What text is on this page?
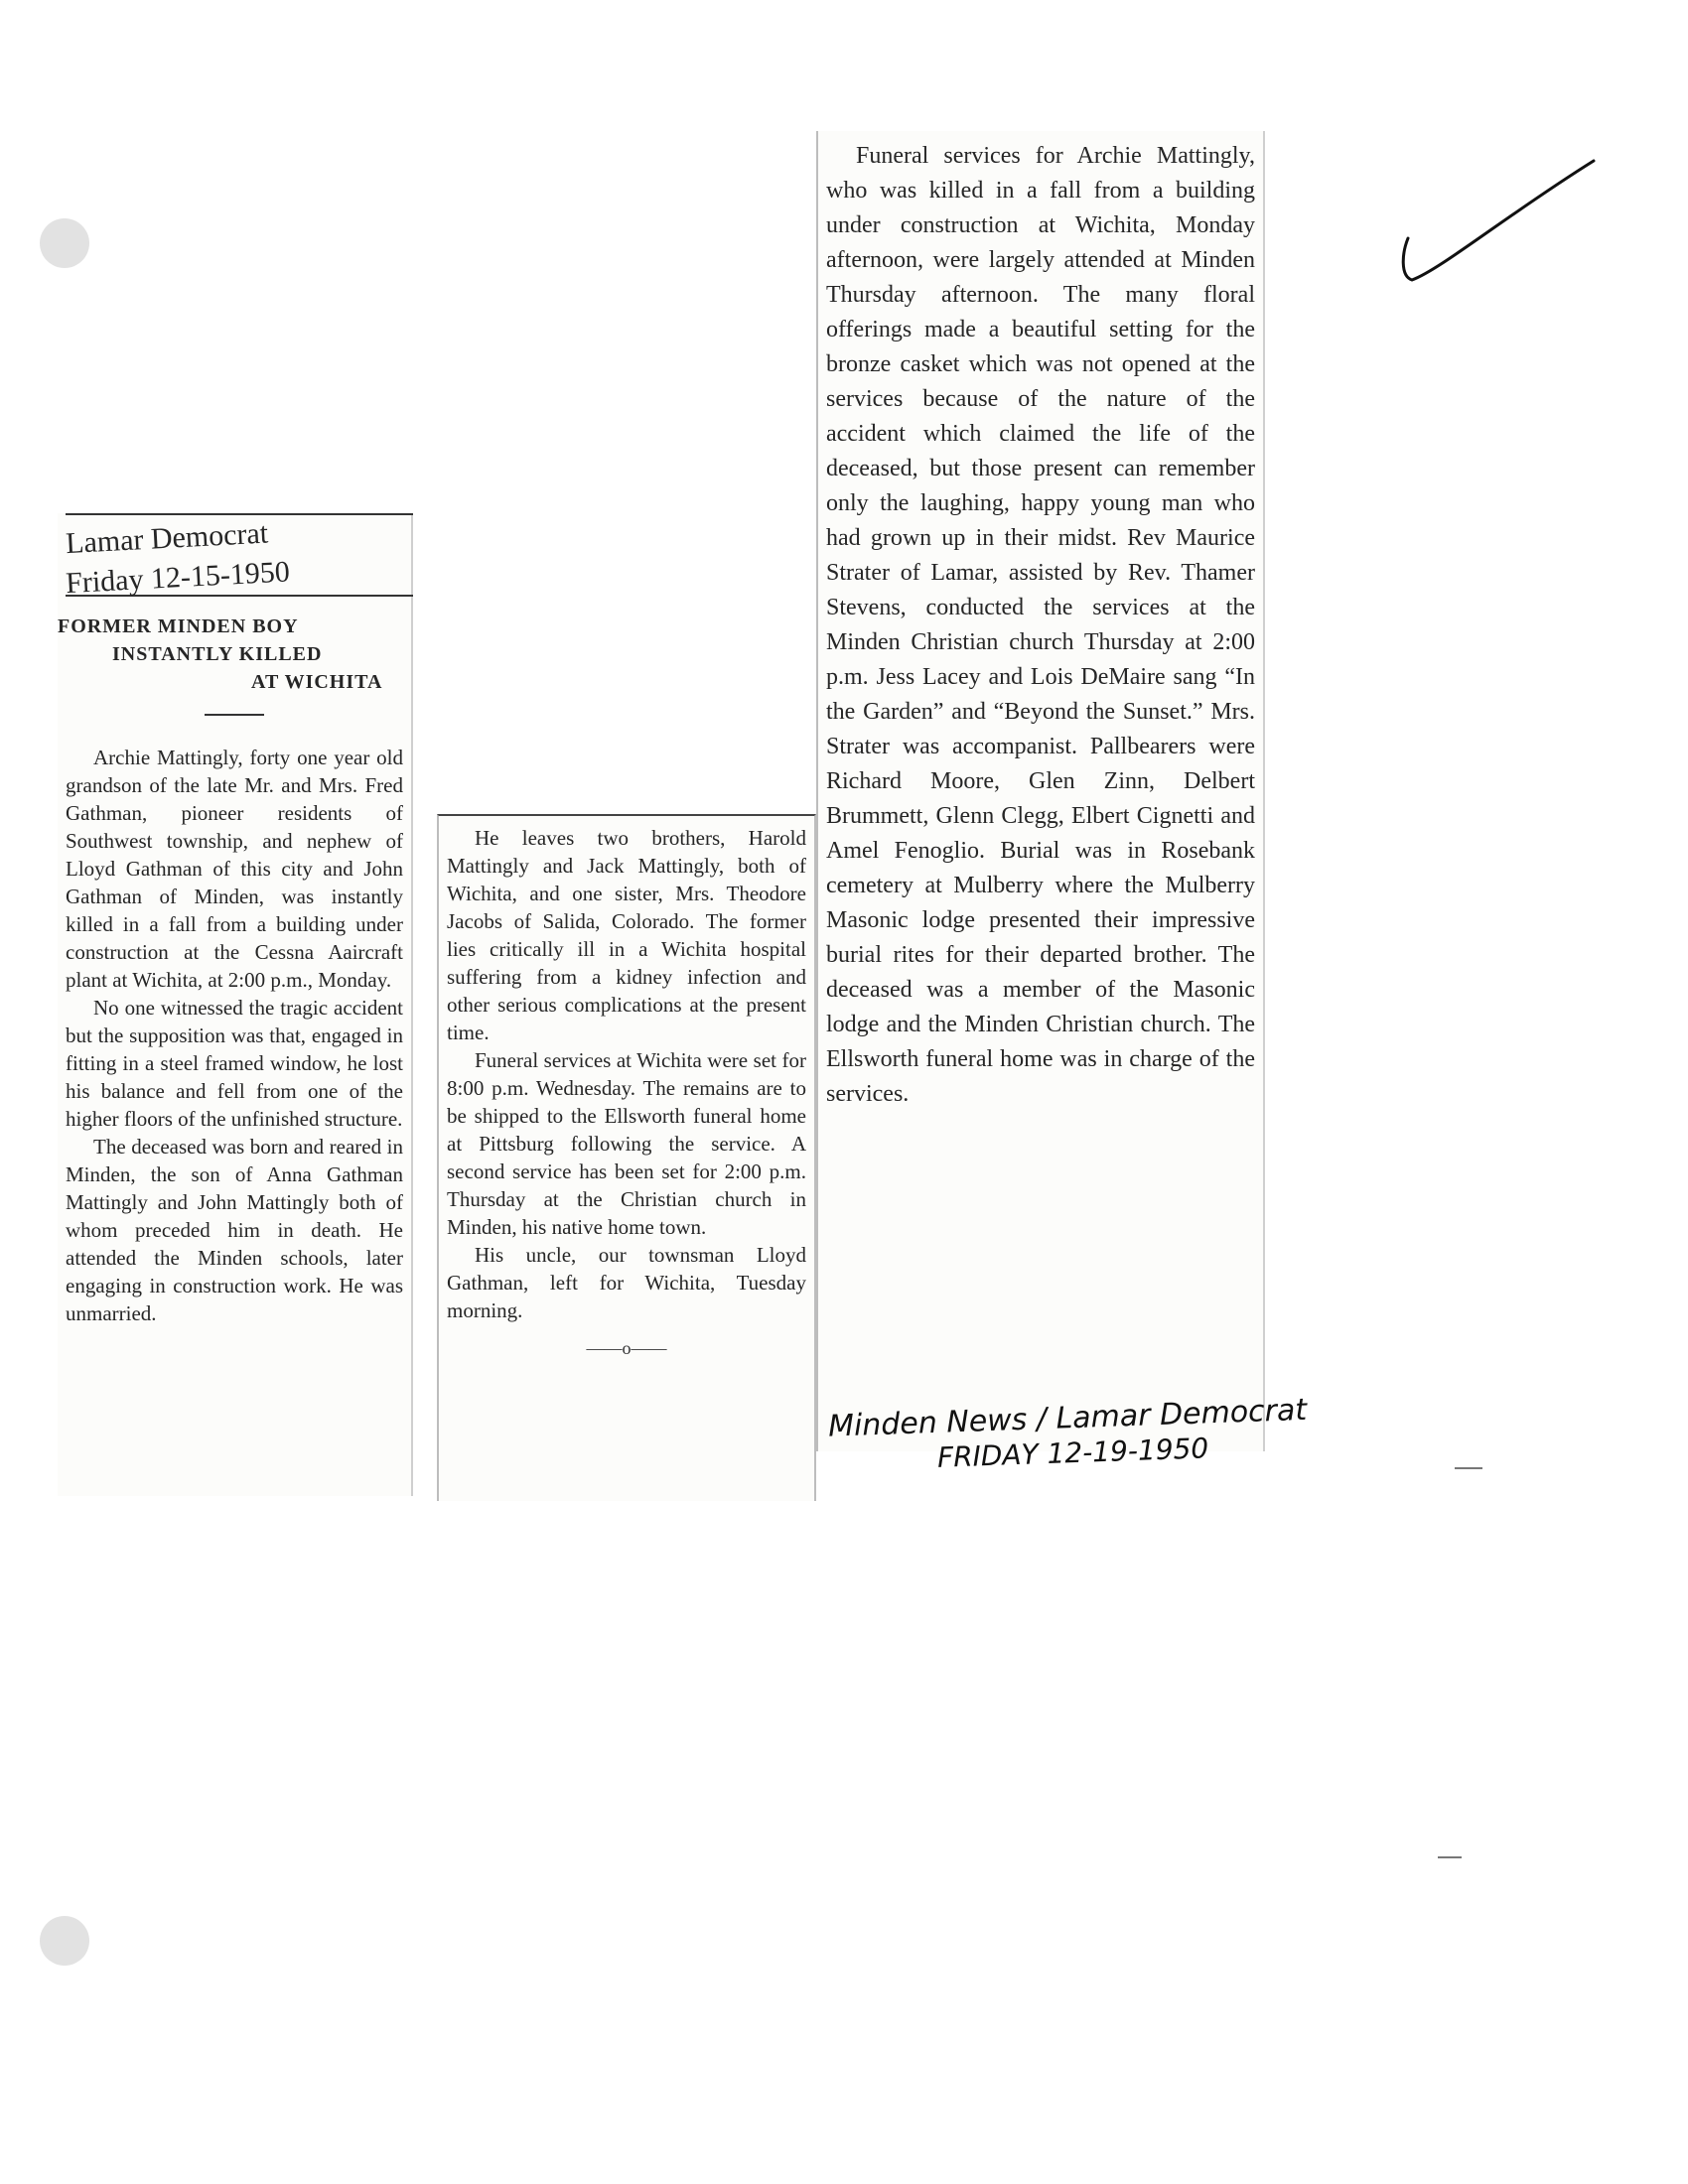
Lamar Democrat
Friday 12-15-1950
FORMER MINDEN BOY
INSTANTLY KILLED
AT WICHITA

Archie Mattingly, forty one year old grandson of the late Mr. and Mrs. Fred Gathman, pioneer residents of Southwest township, and nephew of Lloyd Gathman of this city and John Gathman of Minden, was instantly killed in a fall from a building under construction at the Cessna Aaircraft plant at Wichita, at 2:00 p.m., Monday.

No one witnessed the tragic accident but the supposition was that, engaged in fitting in a steel framed window, he lost his balance and fell from one of the higher floors of the unfinished structure.

The deceased was born and reared in Minden, the son of Anna Gathman Mattingly and John Mattingly both of whom preceded him in death. He attended the Minden schools, later engaging in construction work. He was unmarried.

He leaves two brothers, Harold Mattingly and Jack Mattingly, both of Wichita, and one sister, Mrs. Theodore Jacobs of Salida, Colorado. The former lies critically ill in a Wichita hospital suffering from a kidney infection and other serious complications at the present time.

Funeral services at Wichita were set for 8:00 p.m. Wednesday. The remains are to be shipped to the Ellsworth funeral home at Pittsburg following the service. A second service has been set for 2:00 p.m. Thursday at the Christian church in Minden, his native home town.

His uncle, our townsman Lloyd Gathman, left for Wichita, Tuesday morning.

——o——

Funeral services for Archie Mattingly, who was killed in a fall from a building under construction at Wichita, Monday afternoon, were largely attended at Minden Thursday afternoon. The many floral offerings made a beautiful setting for the bronze casket which was not opened at the services because of the nature of the accident which claimed the life of the deceased, but those present can remember only the laughing, happy young man who had grown up in their midst. Rev Maurice Strater of Lamar, assisted by Rev. Thamer Stevens, conducted the services at the Minden Christian church Thursday at 2:00 p.m. Jess Lacey and Lois DeMaire sang “In the Garden” and “Beyond the Sunset.” Mrs. Strater was accompanist. Pallbearers were Richard Moore, Glen Zinn, Delbert Brummett, Glenn Clegg, Elbert Cignetti and Amel Fenoglio. Burial was in Rosebank cemetery at Mulberry where the Mulberry Masonic lodge presented their impressive burial rites for their departed brother. The deceased was a member of the Masonic lodge and the Minden Christian church. The Ellsworth funeral home was in charge of the services.

Minden News / Lamar Democrat
FRIDAY 12-19-1950
